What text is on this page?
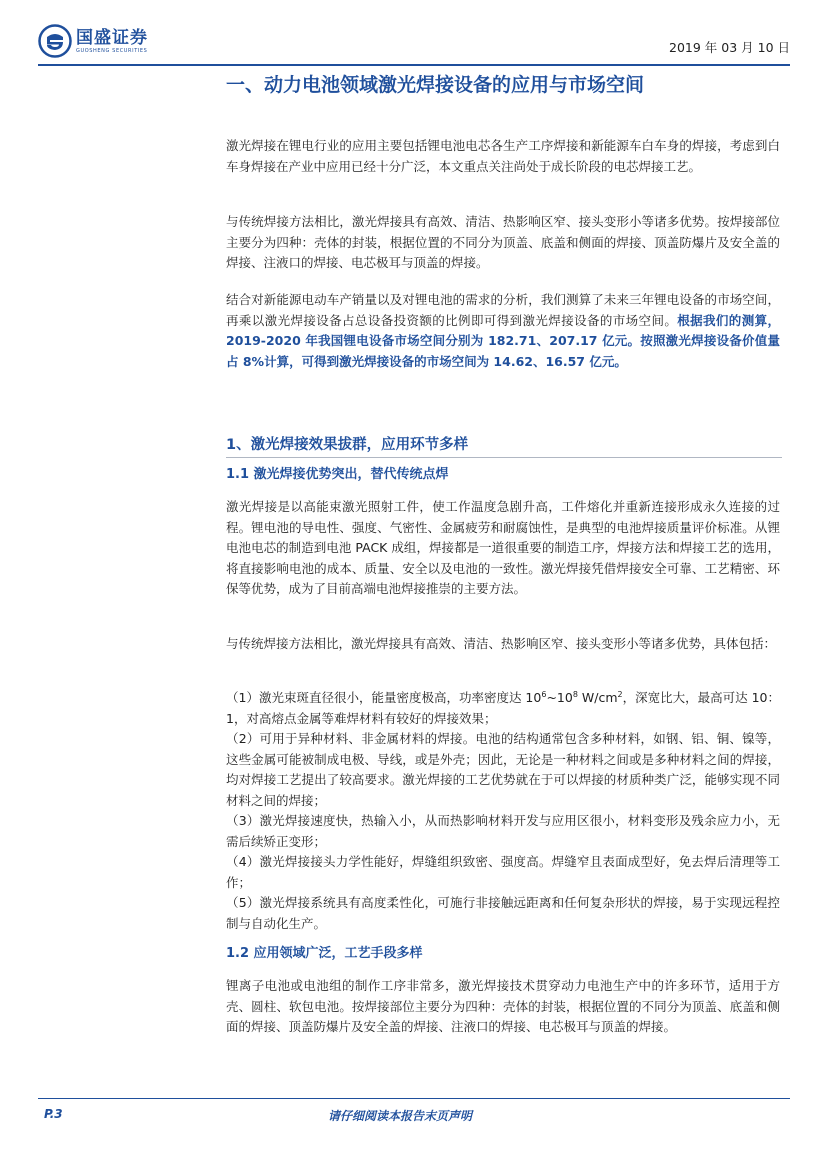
国盛证券
GUOSHENG SECURITIES	2019 年 03 月 10 日
一、动力电池领域激光焊接设备的应用与市场空间
激光焊接在锂电行业的应用主要包括锂电池电芯各生产工序焊接和新能源车白车身的焊接，考虑到白车身焊接在产业中应用已经十分广泛，本文重点关注尚处于成长阶段的电芯焊接工艺。
与传统焊接方法相比，激光焊接具有高效、清洁、热影响区窄、接头变形小等诸多优势。按焊接部位主要分为四种：壳体的封装，根据位置的不同分为顶盖、底盖和侧面的焊接、顶盖防爆片及安全盖的焊接、注液口的焊接、电芯极耳与顶盖的焊接。
结合对新能源电动车产销量以及对锂电池的需求的分析，我们测算了未来三年锂电设备的市场空间，再乘以激光焊接设备占总设备投资额的比例即可得到激光焊接设备的市场空间。根据我们的测算，2019-2020 年我国锂电设备市场空间分别为 182.71、207.17 亿元。按照激光焊接设备价值量占 8%计算，可得到激光焊接设备的市场空间为 14.62、16.57 亿元。
1、激光焊接效果拔群，应用环节多样
1.1 激光焊接优势突出，替代传统点焊
激光焊接是以高能束激光照射工件，使工作温度急剧升高，工件熔化并重新连接形成永久连接的过程。锂电池的导电性、强度、气密性、金属疲劳和耐腐蚀性，是典型的电池焊接质量评价标准。从锂电池电芯的制造到电池 PACK 成组，焊接都是一道很重要的制造工序，焊接方法和焊接工艺的选用，将直接影响电池的成本、质量、安全以及电池的一致性。激光焊接凭借焊接安全可靠、工艺精密、环保等优势，成为了目前高端电池焊接推崇的主要方法。
与传统焊接方法相比，激光焊接具有高效、清洁、热影响区窄、接头变形小等诸多优势，具体包括：
（1）激光束斑直径很小，能量密度极高，功率密度达 $10^6\sim 10^8$ $W/cm^2$，深宽比大，最高可达 10：1，对高熔点金属等难焊材料有较好的焊接效果；
（2）可用于异种材料、非金属材料的焊接。电池的结构通常包含多种材料，如钢、铝、铜、镍等，这些金属可能被制成电极、导线，或是外壳；因此，无论是一种材料之间或是多种材料之间的焊接，均对焊接工艺提出了较高要求。激光焊接的工艺优势就在于可以焊接的材质种类广泛，能够实现不同材料之间的焊接；
（3）激光焊接速度快，热输入小，从而热影响材料开发与应用区很小，材料变形及残余应力小，无需后续矫正变形；
（4）激光焊接接头力学性能好，焊缝组织致密、强度高。焊缝窄且表面成型好，免去焊后清理等工作；
（5）激光焊接系统具有高度柔性化，可施行非接触远距离和任何复杂形状的焊接，易于实现远程控制与自动化生产。
1.2 应用领域广泛，工艺手段多样
锂离子电池或电池组的制作工序非常多，激光焊接技术贯穿动力电池生产中的许多环节，适用于方壳、圆柱、软包电池。按焊接部位主要分为四种：壳体的封装，根据位置的不同分为顶盖、底盖和侧面的焊接、顶盖防爆片及安全盖的焊接、注液口的焊接、电芯极耳与顶盖的焊接。
P.3	请仔细阅读本报告末页声明
